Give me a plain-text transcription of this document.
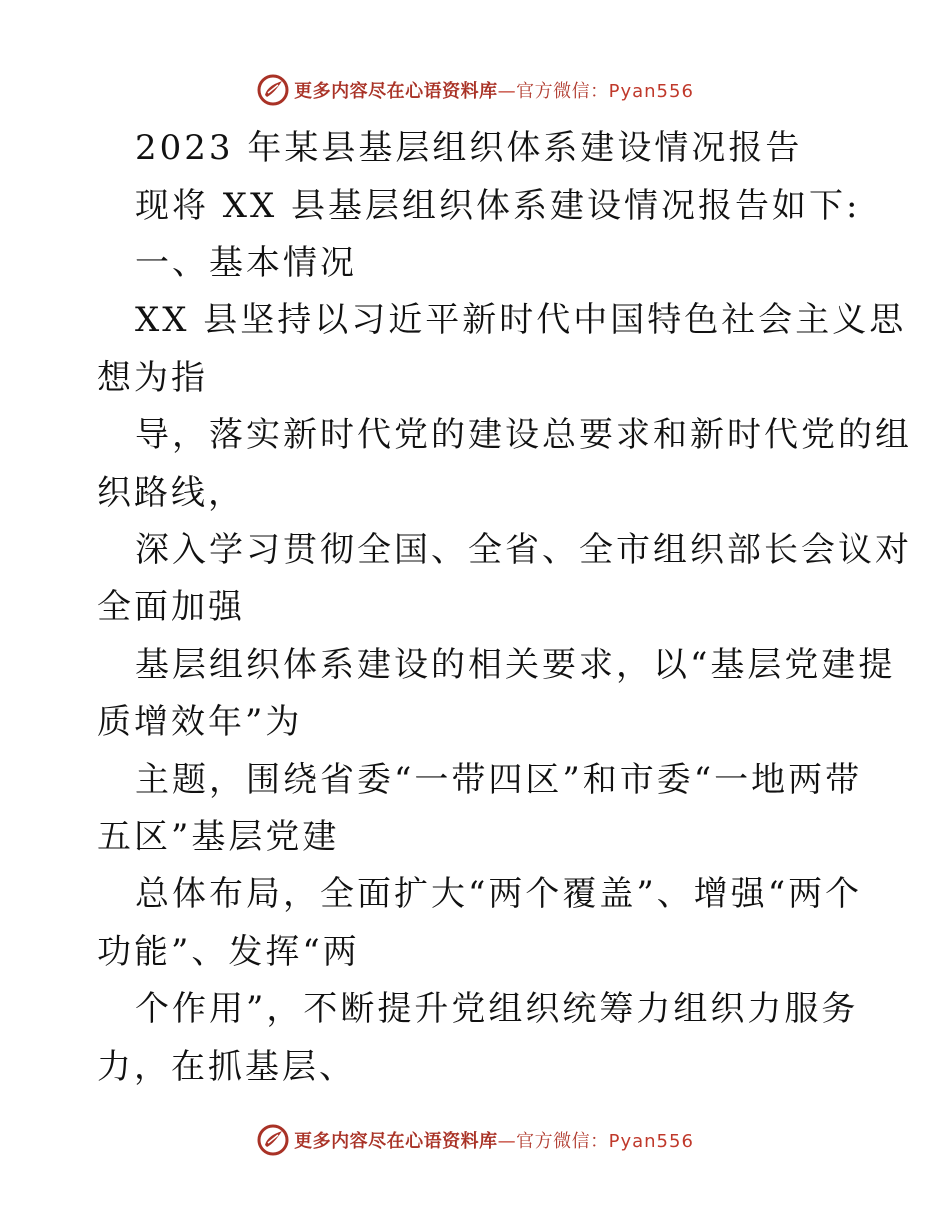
更多内容尽在心语资料库—官方微信：Pyan556
2023 年某县基层组织体系建设情况报告
现将 XX 县基层组织体系建设情况报告如下:
一、基本情况
XX 县坚持以习近平新时代中国特色社会主义思
想为指
导，落实新时代党的建设总要求和新时代党的组
织路线，
深入学习贯彻全国、全省、全市组织部长会议对
全面加强
基层组织体系建设的相关要求，以“基层党建提
质增效年”为
主题，围绕省委“一带四区”和市委“一地两带
五区”基层党建
总体布局，全面扩大“两个覆盖”、增强“两个
功能”、发挥“两
个作用”，不断提升党组织统筹力组织力服务
力，在抓基层、
更多内容尽在心语资料库—官方微信：Pyan556
